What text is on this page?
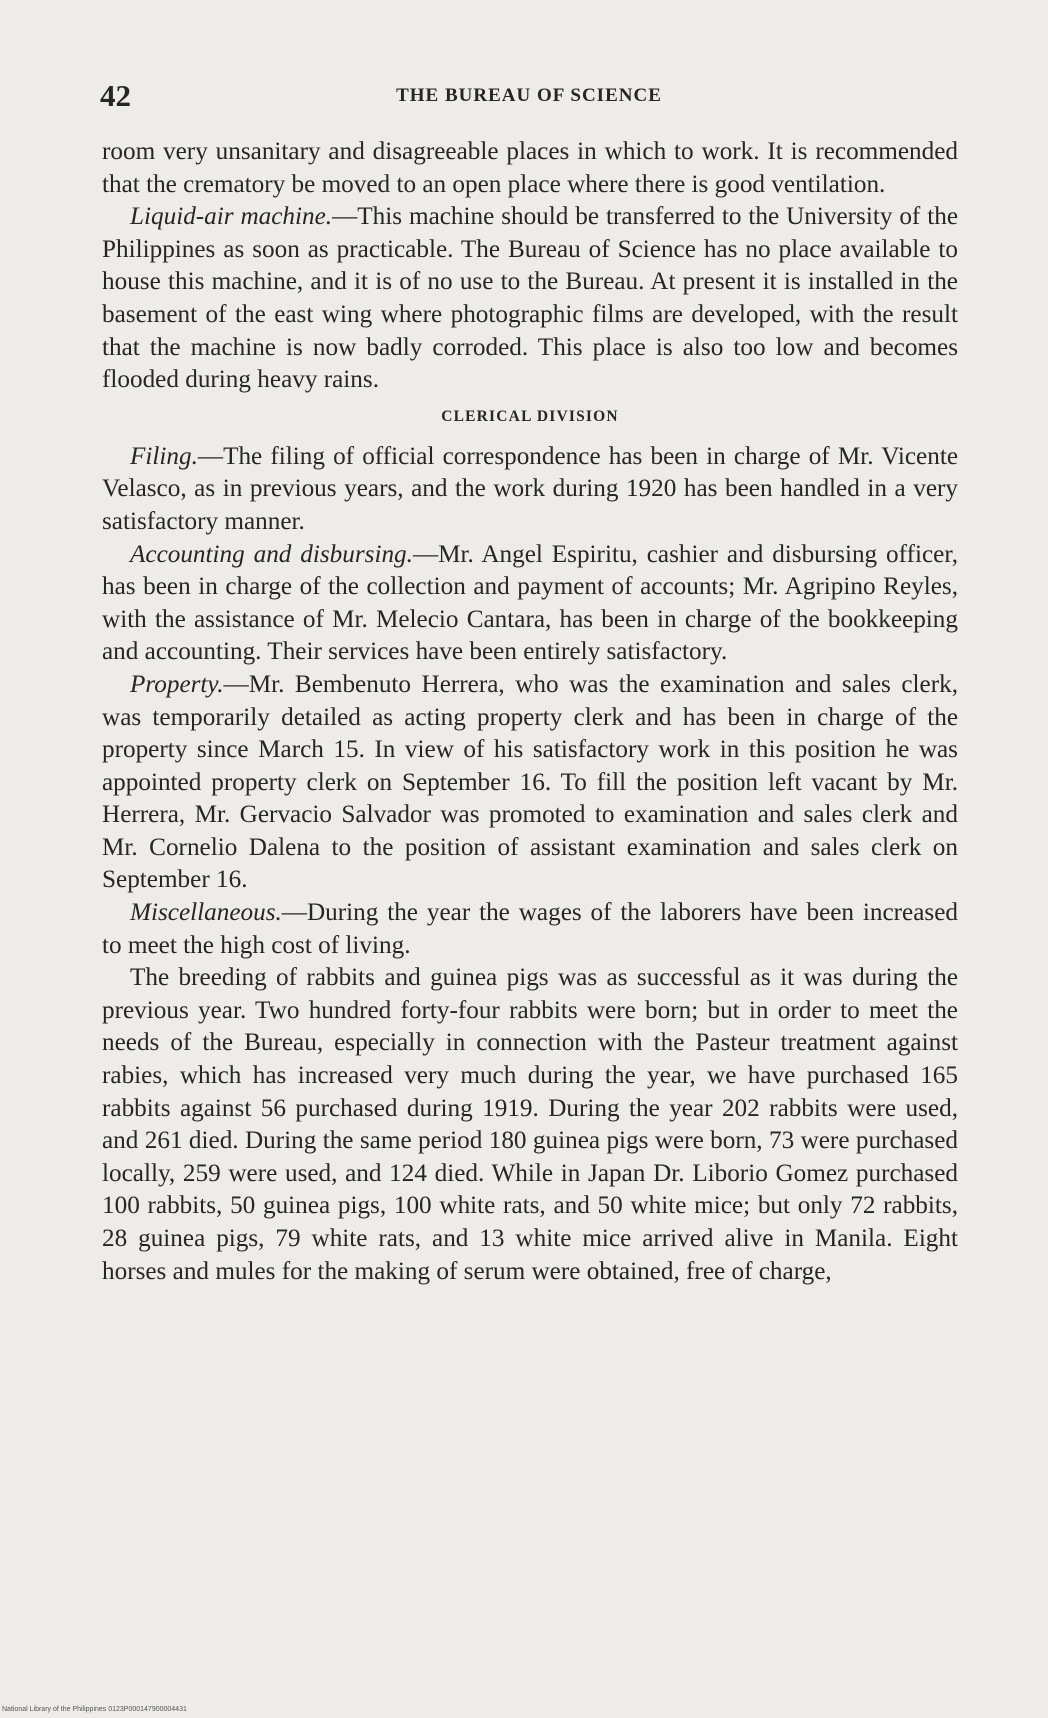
42	THE BUREAU OF SCIENCE

room very unsanitary and disagreeable places in which to work. It is recommended that the crematory be moved to an open place where there is good ventilation.

Liquid-air machine.—This machine should be transferred to the University of the Philippines as soon as practicable. The Bureau of Science has no place available to house this machine, and it is of no use to the Bureau. At present it is installed in the basement of the east wing where photographic films are developed, with the result that the machine is now badly corroded. This place is also too low and becomes flooded during heavy rains.

CLERICAL DIVISION

Filing.—The filing of official correspondence has been in charge of Mr. Vicente Velasco, as in previous years, and the work during 1920 has been handled in a very satisfactory manner.

Accounting and disbursing.—Mr. Angel Espiritu, cashier and disbursing officer, has been in charge of the collection and payment of accounts; Mr. Agripino Reyles, with the assistance of Mr. Melecio Cantara, has been in charge of the bookkeeping and accounting. Their services have been entirely satisfactory.

Property.—Mr. Bembenuto Herrera, who was the examination and sales clerk, was temporarily detailed as acting property clerk and has been in charge of the property since March 15. In view of his satisfactory work in this position he was appointed property clerk on September 16. To fill the position left vacant by Mr. Herrera, Mr. Gervacio Salvador was promoted to examination and sales clerk and Mr. Cornelio Dalena to the position of assistant examination and sales clerk on September 16.

Miscellaneous.—During the year the wages of the laborers have been increased to meet the high cost of living.

The breeding of rabbits and guinea pigs was as successful as it was during the previous year. Two hundred forty-four rabbits were born; but in order to meet the needs of the Bureau, especially in connection with the Pasteur treatment against rabies, which has increased very much during the year, we have purchased 165 rabbits against 56 purchased during 1919. During the year 202 rabbits were used, and 261 died. During the same period 180 guinea pigs were born, 73 were purchased locally, 259 were used, and 124 died. While in Japan Dr. Liborio Gomez purchased 100 rabbits, 50 guinea pigs, 100 white rats, and 50 white mice; but only 72 rabbits, 28 guinea pigs, 79 white rats, and 13 white mice arrived alive in Manila. Eight horses and mules for the making of serum were obtained, free of charge,

National Library of the Philippines 0123P000147900004431
